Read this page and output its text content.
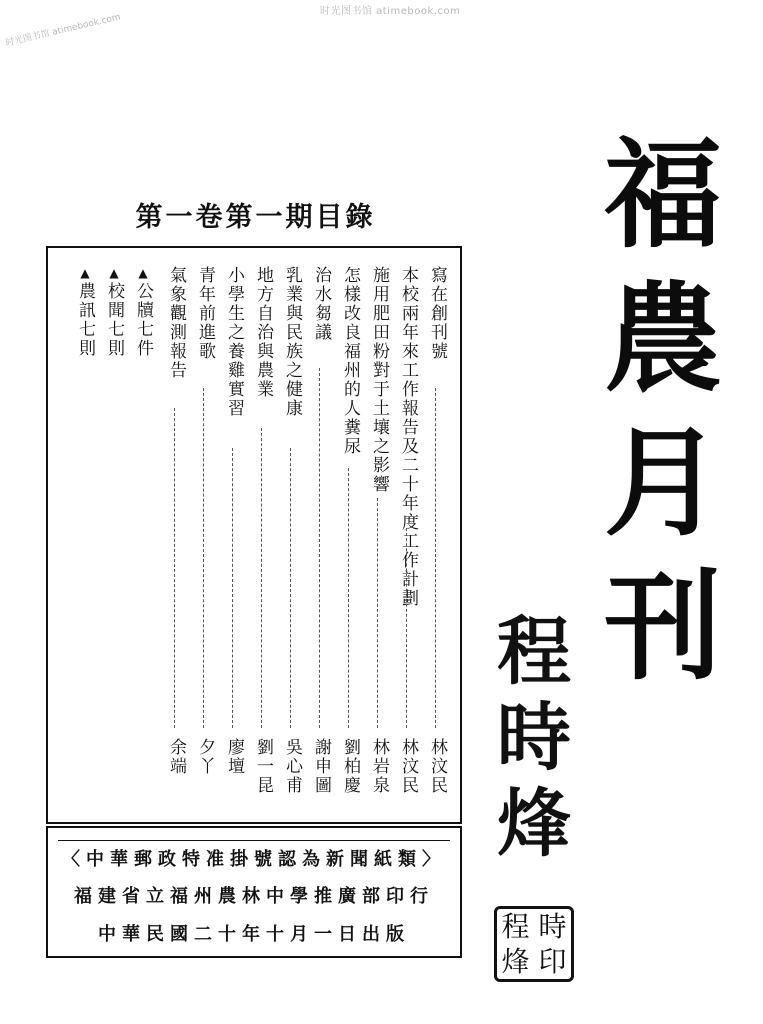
时光图书馆 atimebook.com
时光图书馆 atimebook.com
福農月刊
程時烽
程 時
烽 印
第一卷第一期目錄
寫在創刊號
本校兩年來工作報告及二十年度工作計劃
施用肥田粉對于土壤之影響
怎樣改良福州的人糞尿
治水芻議
乳業與民族之健康
地方自治與農業
小學生之養雞實習
青年前進歌
氣象觀測報告
林汶民
林汶民
林岩泉
劉柏慶
謝申圖
吳心甫
劉一昆
廖壇
夕丫
余端
▲公牘七件
▲校聞七則
▲農訊七則
〈中華郵政特准掛號認為新聞紙類〉
福建省立福州農林中學推廣部印行
中華民國二十年十月一日出版
